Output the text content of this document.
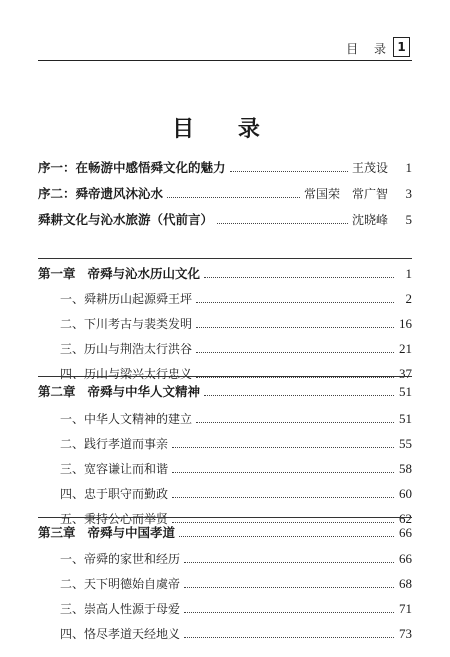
目 录 1
目 录
序一：在畅游中感悟舜文化的魅力	王茂设	1
序二：舜帝遗风沐沁水	常国荣　常广智	3
舜耕文化与沁水旅游（代前言）	沈晓峰	5
第一章 帝舜与沁水历山文化	1
一、舜耕历山起源舜王坪	2
二、下川考古与裴类发明	16
三、历山与荆浩太行洪谷	21
四、历山与梁兴太行忠义	37
第二章 帝舜与中华人文精神	51
一、中华人文精神的建立	51
二、践行孝道而事亲	55
三、宽容谦让而和谐	58
四、忠于职守而勤政	60
五、秉持公心而举贤	62
第三章 帝舜与中国孝道	66
一、帝舜的家世和经历	66
二、天下明德始自虞帝	68
三、崇高人性源于母爱	71
四、恪尽孝道天经地义	73
